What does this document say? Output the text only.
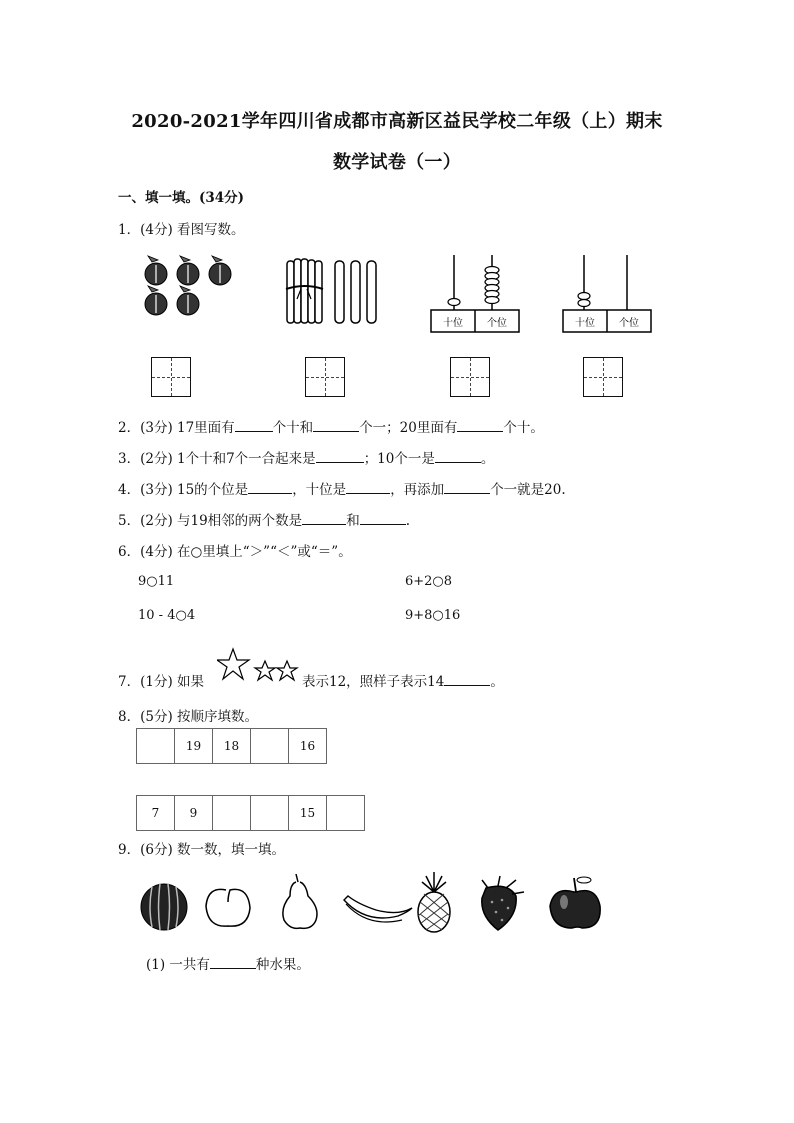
2020-2021学年四川省成都市高新区益民学校二年级（上）期末
数学试卷（一）
一、填一填。(34分)
1．(4分) 看图写数。
十位 个位	十位 个位
2．(3分) 17里面有	个十和	个一；20里面有	个十。
3．(2分) 1个十和7个一合起来是	；10个一是	。
4．(3分) 15的个位是	，十位是	，再添加	个一就是20.
5．(2分) 与19相邻的两个数是	和	.
6．(4分) 在○里填上“＞”“＜”或“＝”。
9○11	6+2○8
10 - 4○4	9+8○16
7．(1分) 如果	表示12，照样子表示14	。
8．(5分) 按顺序填数。
	19	18		16
7	9			15	
9．(6分) 数一数，填一填。
(1) 一共有	种水果。
